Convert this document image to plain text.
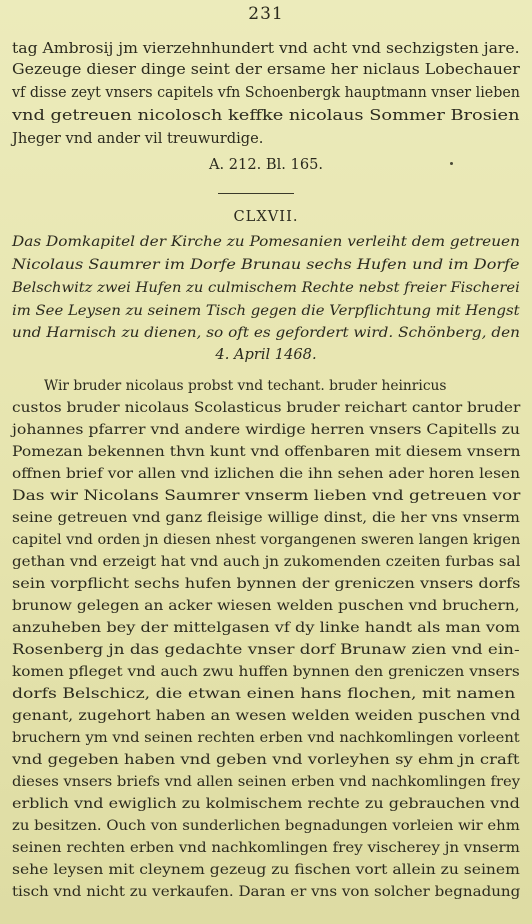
231
tag Ambrosij jm vierzehnhundert vnd acht vnd sechzigsten jare.
Gezeuge dieser dinge seint der ersame her niclaus Lobechauer
vf disse zeyt vnsers capitels vfn Schoenbergk hauptmann vnser lieben
vnd getreuen nicolosch keffke nicolaus Sommer Brosien
Jheger vnd ander vil treuwurdige.
A. 212. Bl. 165.
CLXVII.
Das Domkapitel der Kirche zu Pomesanien verleiht dem getreuen
Nicolaus Saumrer im Dorfe Brunau sechs Hufen und im Dorfe
Belschwitz zwei Hufen zu culmischem Rechte nebst freier Fischerei
im See Leysen zu seinem Tisch gegen die Verpflichtung mit Hengst
und Harnisch zu dienen, so oft es gefordert wird. Schönberg, den
4. April 1468.
Wir bruder nicolaus probst vnd techant. bruder heinricus
custos bruder nicolaus Scolasticus bruder reichart cantor bruder
johannes pfarrer vnd andere wirdige herren vnsers Capitells zu
Pomezan bekennen thvn kunt vnd offenbaren mit diesem vnsern
offnen brief vor allen vnd izlichen die ihn sehen ader horen lesen
Das wir Nicolans Saumrer vnserm lieben vnd getreuen vor
seine getreuen vnd ganz fleisige willige dinst, die her vns vnserm
capitel vnd orden jn diesen nhest vorgangenen sweren langen krigen
gethan vnd erzeigt hat vnd auch jn zukomenden czeiten furbas sal
sein vorpflicht sechs hufen bynnen der greniczen vnsers dorfs
brunow gelegen an acker wiesen welden puschen vnd bruchern,
anzuheben bey der mittelgasen vf dy linke handt als man vom
Rosenberg jn das gedachte vnser dorf Brunaw zien vnd ein-
komen pfleget vnd auch zwu huffen bynnen den greniczen vnsers
dorfs Belschicz, die etwan einen hans flochen, mit namen
genant, zugehort haben an wesen welden weiden puschen vnd
bruchern ym vnd seinen rechten erben vnd nachkomlingen vorleent
vnd gegeben haben vnd geben vnd vorleyhen sy ehm jn craft
dieses vnsers briefs vnd allen seinen erben vnd nachkomlingen frey
erblich vnd ewiglich zu kolmischem rechte zu gebrauchen vnd
zu besitzen. Ouch von sunderlichen begnadungen vorleien wir ehm
seinen rechten erben vnd nachkomlingen frey vischerey jn vnserm
sehe leysen mit cleynem gezeug zu fischen vort allein zu seinem
tisch vnd nicht zu verkaufen. Daran er vns von solcher begnadung
